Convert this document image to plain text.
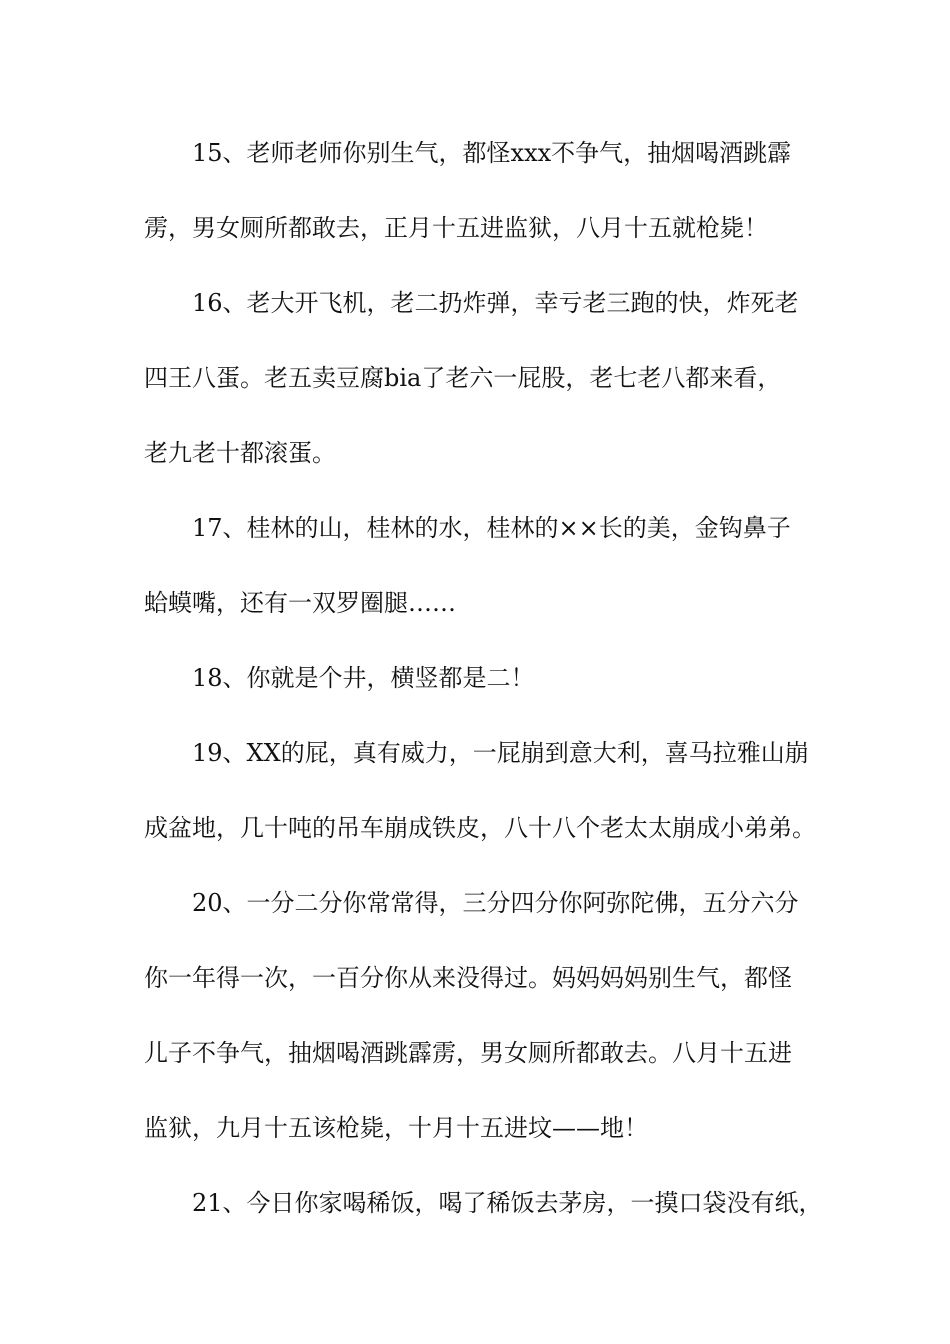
15、老师老师你别生气，都怪xxx不争气，抽烟喝酒跳霹
雳，男女厕所都敢去，正月十五进监狱，八月十五就枪毙！
16、老大开飞机，老二扔炸弹，幸亏老三跑的快，炸死老
四王八蛋。老五卖豆腐bia了老六一屁股，老七老八都来看，
老九老十都滚蛋。
17、桂林的山，桂林的水，桂林的××长的美，金钩鼻子
蛤蟆嘴，还有一双罗圈腿……
18、你就是个井，横竖都是二！
19、XX的屁，真有威力，一屁崩到意大利，喜马拉雅山崩
成盆地，几十吨的吊车崩成铁皮，八十八个老太太崩成小弟弟。
20、一分二分你常常得，三分四分你阿弥陀佛，五分六分
你一年得一次，一百分你从来没得过。妈妈妈妈别生气，都怪
儿子不争气，抽烟喝酒跳霹雳，男女厕所都敢去。八月十五进
监狱，九月十五该枪毙，十月十五进坟——地！
21、今日你家喝稀饭，喝了稀饭去茅房，一摸口袋没有纸，
